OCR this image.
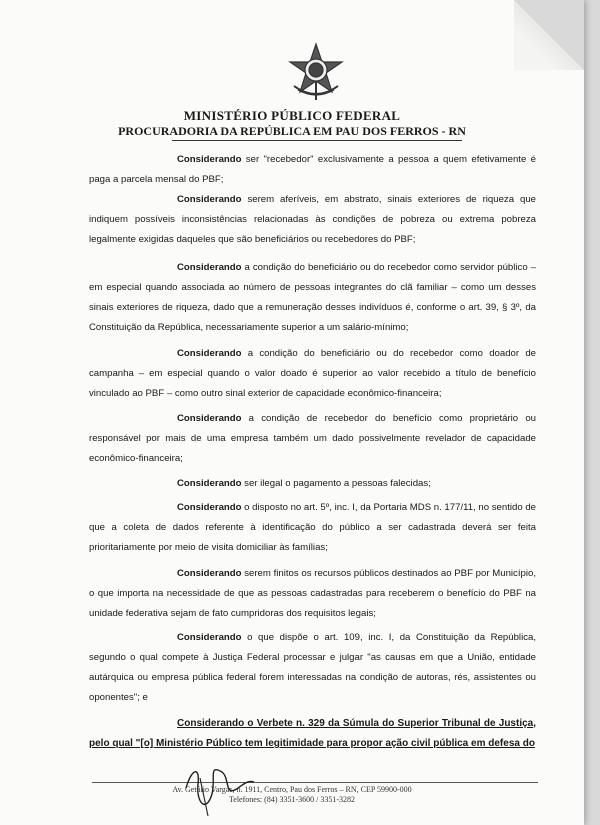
MINISTÉRIO PÚBLICO FEDERAL
PROCURADORIA DA REPÚBLICA EM PAU DOS FERROS - RN
Considerando ser "recebedor" exclusivamente a pessoa a quem efetivamente é paga a parcela mensal do PBF;
Considerando serem aferíveis, em abstrato, sinais exteriores de riqueza que indiquem possíveis inconsistências relacionadas às condições de pobreza ou extrema pobreza legalmente exigidas daqueles que são beneficiários ou recebedores do PBF;
Considerando a condição do beneficiário ou do recebedor como servidor público – em especial quando associada ao número de pessoas integrantes do clã familiar – como um desses sinais exteriores de riqueza, dado que a remuneração desses indivíduos é, conforme o art. 39, § 3º, da Constituição da República, necessariamente superior a um salário-mínimo;
Considerando a condição do beneficiário ou do recebedor como doador de campanha – em especial quando o valor doado é superior ao valor recebido a título de benefício vinculado ao PBF – como outro sinal exterior de capacidade econômico-financeira;
Considerando a condição de recebedor do benefício como proprietário ou responsável por mais de uma empresa também um dado possivelmente revelador de capacidade econômico-financeira;
Considerando ser ilegal o pagamento a pessoas falecidas;
Considerando o disposto no art. 5º, inc. I, da Portaria MDS n. 177/11, no sentido de que a coleta de dados referente à identificação do público a ser cadastrada deverá ser feita prioritariamente por meio de visita domiciliar às famílias;
Considerando serem finitos os recursos públicos destinados ao PBF por Município, o que importa na necessidade de que as pessoas cadastradas para receberem o benefício do PBF na unidade federativa sejam de fato cumpridoras dos requisitos legais;
Considerando o que dispõe o art. 109, inc. I, da Constituição da República, segundo o qual compete à Justiça Federal processar e julgar "as causas em que a União, entidade autárquica ou empresa pública federal forem interessadas na condição de autoras, rés, assistentes ou oponentes"; e
Considerando o Verbete n. 329 da Súmula do Superior Tribunal de Justiça, pelo qual "[o] Ministério Público tem legitimidade para propor ação civil pública em defesa do
Av. Getúlio Vargas, n. 1911, Centro, Pau dos Ferros – RN, CEP 59900-000
Telefones: (84) 3351-3600 / 3351-3282
